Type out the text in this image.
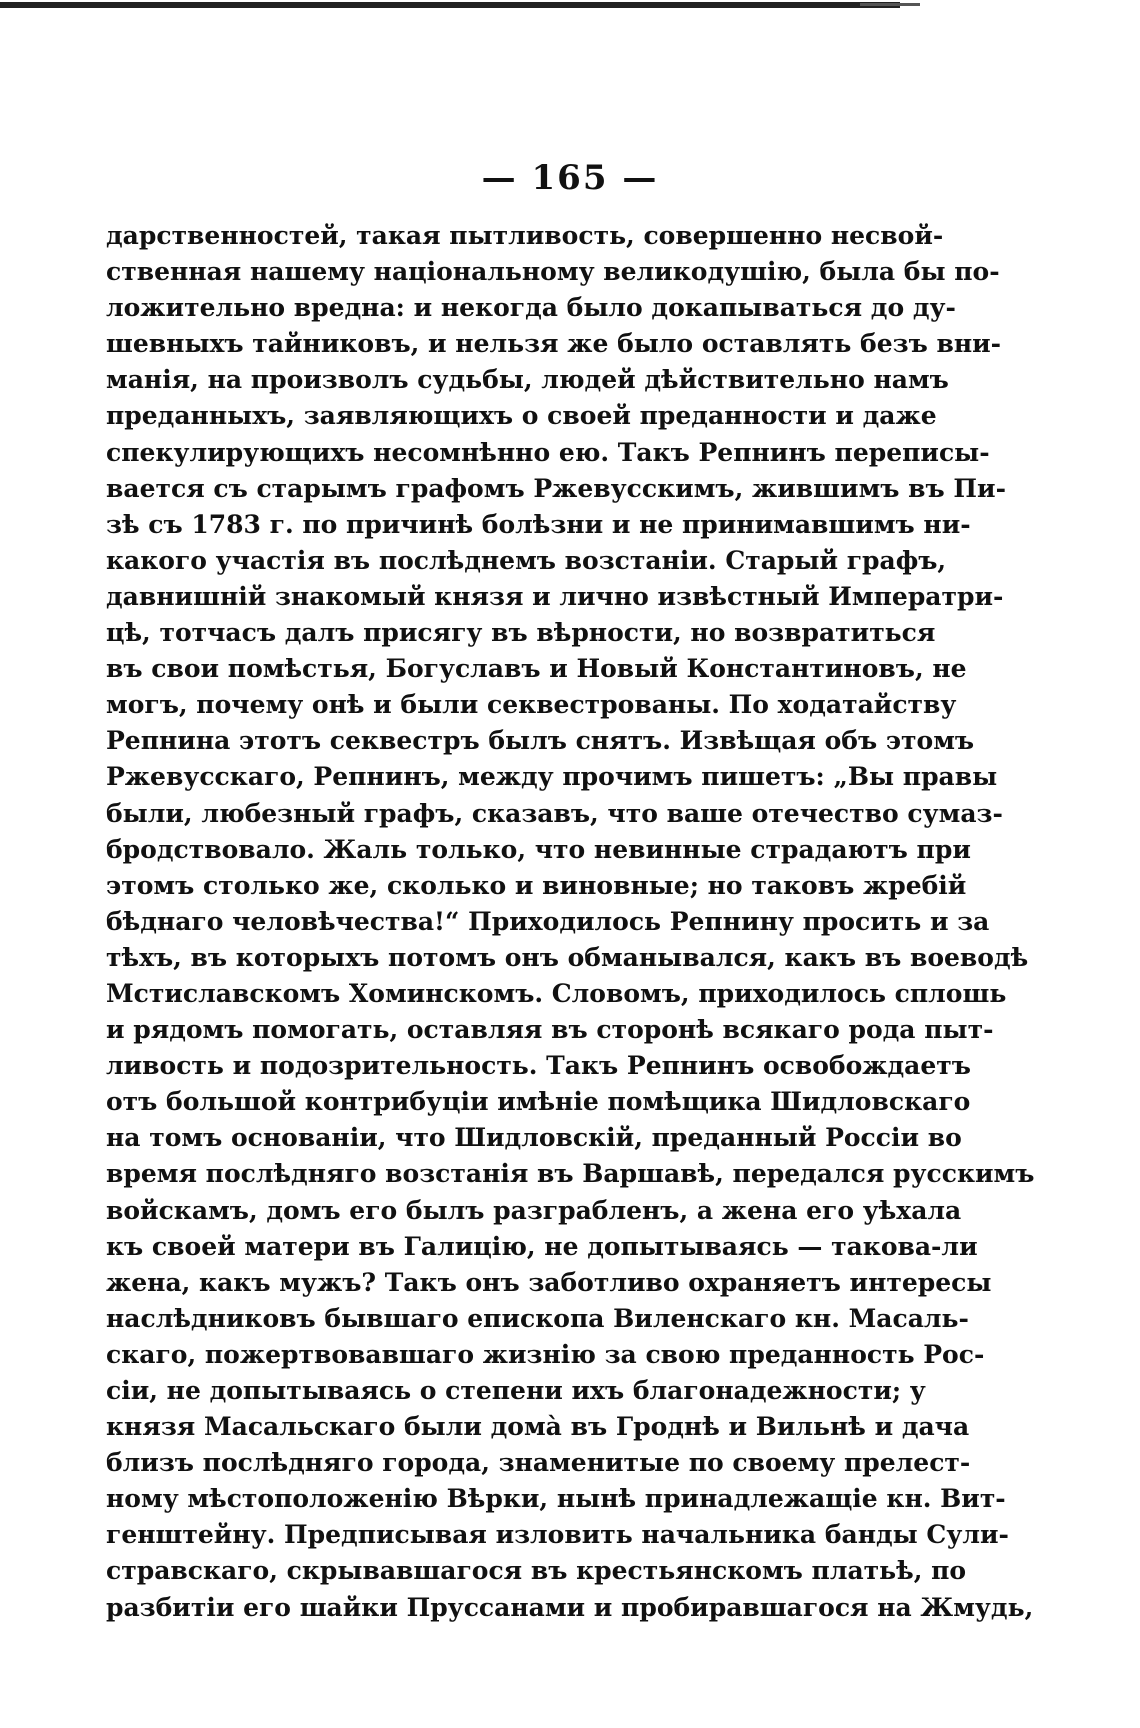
— 165 —
дарственностей, такая пытливость, совершенно несвой-
ственная нашему національному великодушію, была бы по-
ложительно вредна: и некогда было докапываться до ду-
шевныхъ тайниковъ, и нельзя же было оставлять безъ вни-
манія, на произволъ судьбы, людей дѣйствительно намъ
преданныхъ, заявляющихъ о своей преданности и даже
спекулирующихъ несомнѣнно ею. Такъ Репнинъ переписы-
вается съ старымъ графомъ Ржевусскимъ, жившимъ въ Пи-
зѣ съ 1783 г. по причинѣ болѣзни и не принимавшимъ ни-
какого участія въ послѣднемъ возстаніи. Старый графъ,
давнишній знакомый князя и лично извѣстный Императри-
цѣ, тотчасъ далъ присягу въ вѣрности, но возвратиться
въ свои помѣстья, Богуславъ и Новый Константиновъ, не
могъ, почему онѣ и были секвестрованы. По ходатайству
Репнина этотъ секвестръ былъ снятъ. Извѣщая объ этомъ
Ржевусскаго, Репнинъ, между прочимъ пишетъ: „Вы правы
были, любезный графъ, сказавъ, что ваше отечество сумаз-
бродствовало. Жаль только, что невинные страдаютъ при
этомъ столько же, сколько и виновные; но таковъ жребій
бѣднаго человѣчества!“ Приходилось Репнину просить и за
тѣхъ, въ которыхъ потомъ онъ обманывался, какъ въ воеводѣ
Мстиславскомъ Хоминскомъ. Словомъ, приходилось сплошь
и рядомъ помогать, оставляя въ сторонѣ всякаго рода пыт-
ливость и подозрительность. Такъ Репнинъ освобождаетъ
отъ большой контрибуціи имѣніе помѣщика Шидловскаго
на томъ основаніи, что Шидловскій, преданный Россіи во
время послѣдняго возстанія въ Варшавѣ, передался русскимъ
войскамъ, домъ его былъ разграбленъ, а жена его уѣхала
къ своей матери въ Галицію, не допытываясь — такова-ли
жена, какъ мужъ? Такъ онъ заботливо охраняетъ интересы
наслѣдниковъ бывшаго епископа Виленскаго кн. Масаль-
скаго, пожертвовавшаго жизнію за свою преданность Рос-
сіи, не допытываясь о степени ихъ благонадежности; у
князя Масальскаго были домà въ Гроднѣ и Вильнѣ и дача
близъ послѣдняго города, знаменитые по своему прелест-
ному мѣстоположенію Вѣрки, нынѣ принадлежащіе кн. Вит-
генштейну. Предписывая изловить начальника банды Сули-
стравскаго, скрывавшагося въ крестьянскомъ платьѣ, по
разбитіи его шайки Пруссанами и пробиравшагося на Жмудь,
